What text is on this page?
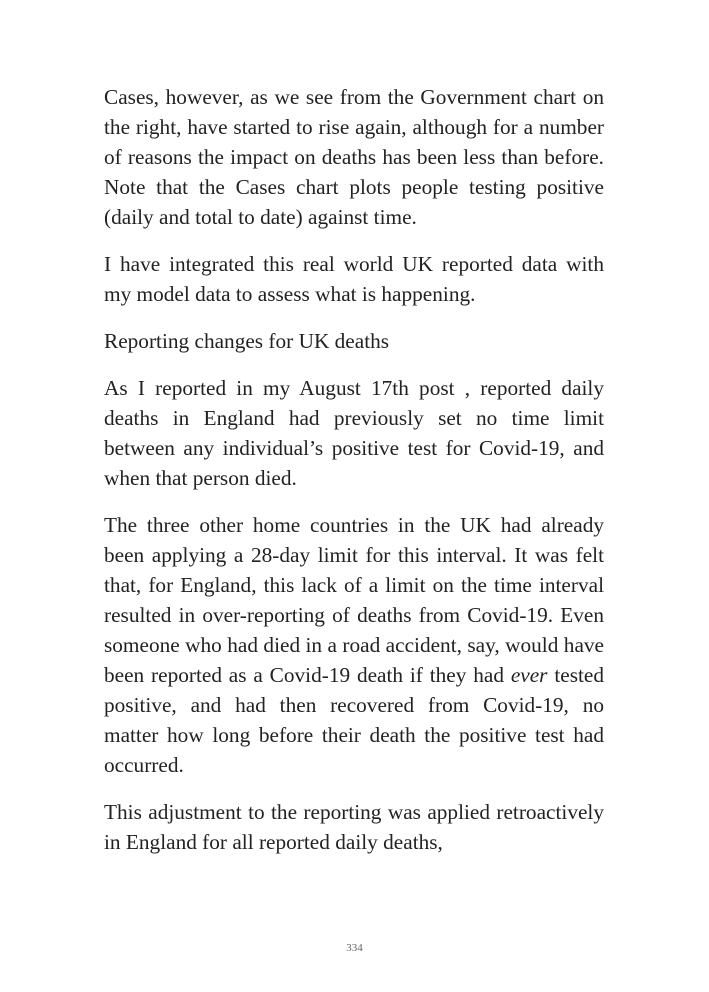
Cases, however, as we see from the Government chart on the right, have started to rise again, although for a number of reasons the impact on deaths has been less than before. Note that the Cases chart plots people testing positive (daily and total to date) against time.

I have integrated this real world UK reported data with my model data to assess what is happening.

Reporting changes for UK deaths

As I reported in my August 17th post , reported daily deaths in England had previously set no time limit between any individual’s positive test for Covid-19, and when that person died.

The three other home countries in the UK had already been applying a 28-day limit for this interval. It was felt that, for England, this lack of a limit on the time interval resulted in over-reporting of deaths from Covid-19. Even someone who had died in a road accident, say, would have been reported as a Covid-19 death if they had ever tested positive, and had then recovered from Covid-19, no matter how long before their death the positive test had occurred.

This adjustment to the reporting was applied retroactively in England for all reported daily deaths,

334
